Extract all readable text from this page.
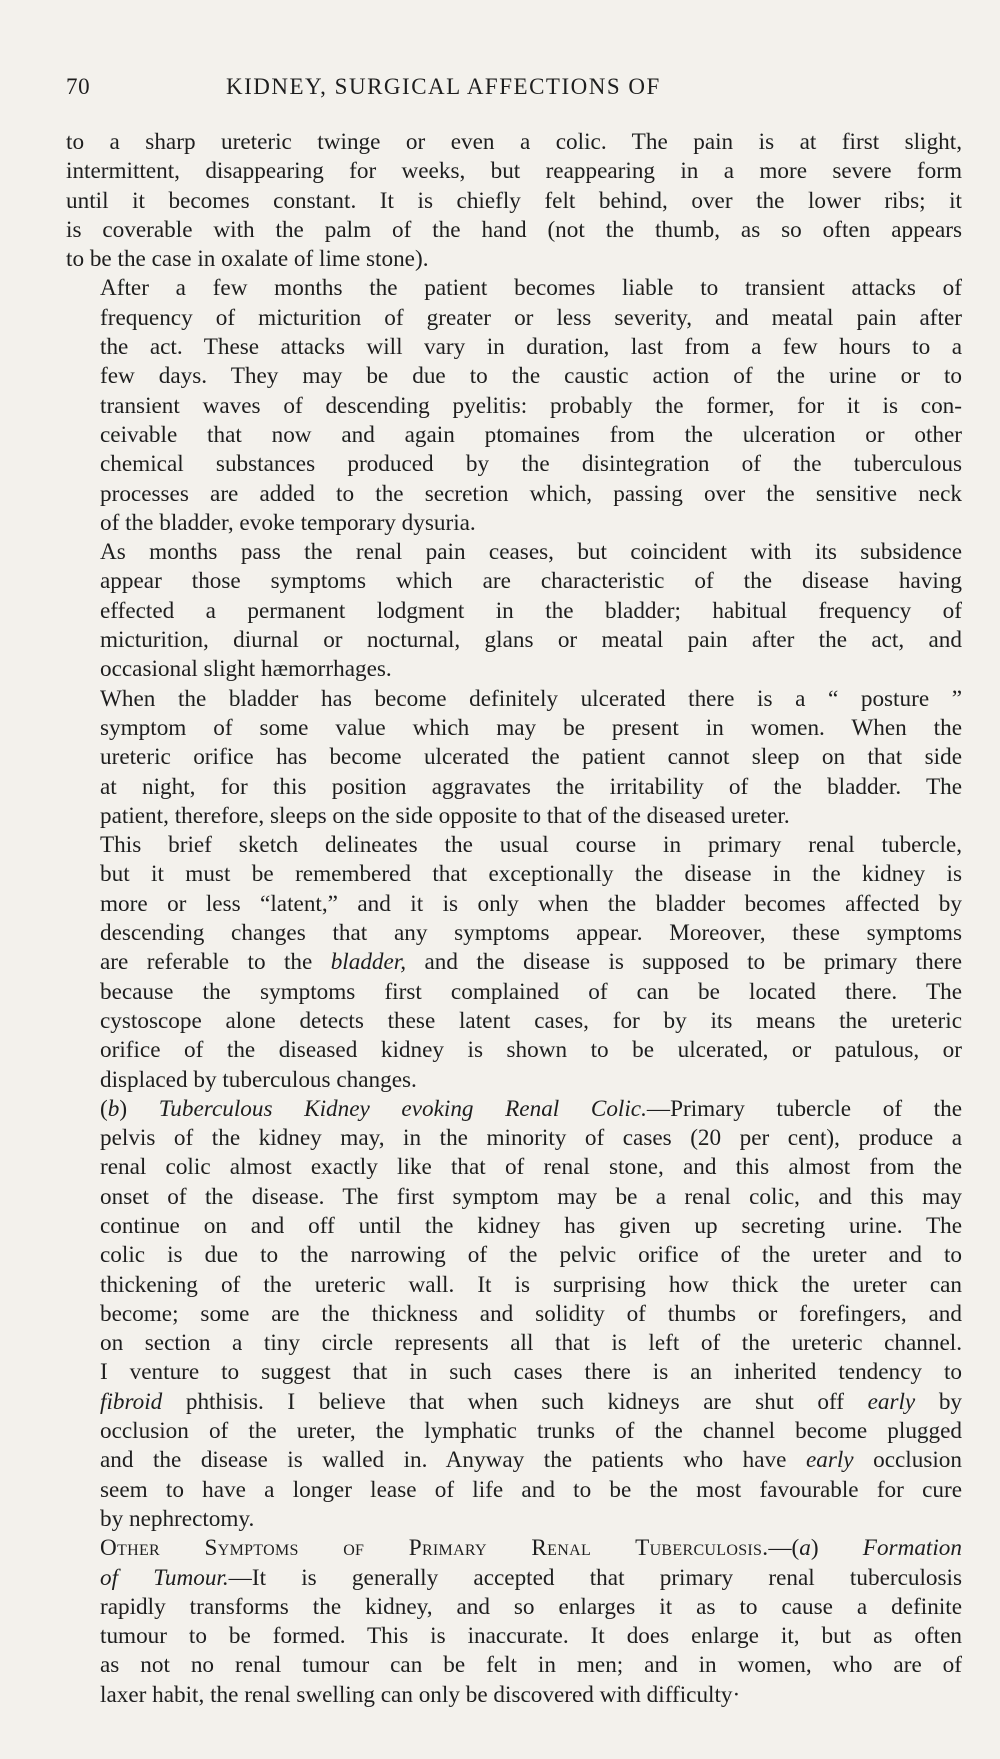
70	KIDNEY, SURGICAL AFFECTIONS OF
to a sharp ureteric twinge or even a colic. The pain is at first slight,
intermittent, disappearing for weeks, but reappearing in a more severe form
until it becomes constant. It is chiefly felt behind, over the lower ribs; it
is coverable with the palm of the hand (not the thumb, as so often appears
to be the case in oxalate of lime stone).
After a few months the patient becomes liable to transient attacks of
frequency of micturition of greater or less severity, and meatal pain after
the act. These attacks will vary in duration, last from a few hours to a
few days. They may be due to the caustic action of the urine or to
transient waves of descending pyelitis: probably the former, for it is con-
ceivable that now and again ptomaines from the ulceration or other
chemical substances produced by the disintegration of the tuberculous
processes are added to the secretion which, passing over the sensitive neck
of the bladder, evoke temporary dysuria.
As months pass the renal pain ceases, but coincident with its subsidence
appear those symptoms which are characteristic of the disease having
effected a permanent lodgment in the bladder; habitual frequency of
micturition, diurnal or nocturnal, glans or meatal pain after the act, and
occasional slight hæmorrhages.
When the bladder has become definitely ulcerated there is a “ posture ”
symptom of some value which may be present in women. When the
ureteric orifice has become ulcerated the patient cannot sleep on that side
at night, for this position aggravates the irritability of the bladder. The
patient, therefore, sleeps on the side opposite to that of the diseased ureter.
This brief sketch delineates the usual course in primary renal tubercle,
but it must be remembered that exceptionally the disease in the kidney is
more or less “latent,” and it is only when the bladder becomes affected by
descending changes that any symptoms appear. Moreover, these symptoms
are referable to the bladder, and the disease is supposed to be primary there
because the symptoms first complained of can be located there. The
cystoscope alone detects these latent cases, for by its means the ureteric
orifice of the diseased kidney is shown to be ulcerated, or patulous, or
displaced by tuberculous changes.
(b) Tuberculous Kidney evoking Renal Colic.—Primary tubercle of the
pelvis of the kidney may, in the minority of cases (20 per cent), produce a
renal colic almost exactly like that of renal stone, and this almost from the
onset of the disease. The first symptom may be a renal colic, and this may
continue on and off until the kidney has given up secreting urine. The
colic is due to the narrowing of the pelvic orifice of the ureter and to
thickening of the ureteric wall. It is surprising how thick the ureter can
become; some are the thickness and solidity of thumbs or forefingers, and
on section a tiny circle represents all that is left of the ureteric channel.
I venture to suggest that in such cases there is an inherited tendency to
fibroid phthisis. I believe that when such kidneys are shut off early by
occlusion of the ureter, the lymphatic trunks of the channel become plugged
and the disease is walled in. Anyway the patients who have early occlusion
seem to have a longer lease of life and to be the most favourable for cure
by nephrectomy.
Other Symptoms of Primary Renal Tuberculosis.—(a) Formation
of Tumour.—It is generally accepted that primary renal tuberculosis
rapidly transforms the kidney, and so enlarges it as to cause a definite
tumour to be formed. This is inaccurate. It does enlarge it, but as often
as not no renal tumour can be felt in men; and in women, who are of
laxer habit, the renal swelling can only be discovered with difficulty·
